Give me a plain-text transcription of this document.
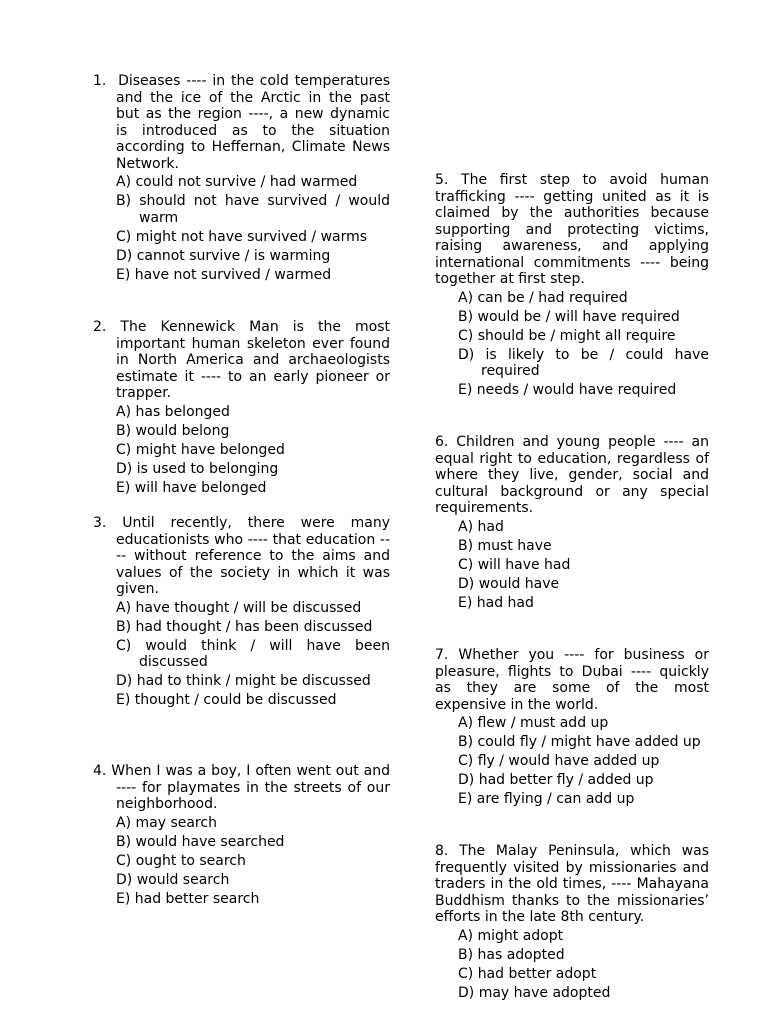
1. Diseases ---- in the cold temperatures and the ice of the Arctic in the past but as the region ----, a new dynamic is introduced as to the situation according to Heffernan, Climate News Network.

A) could not survive / had warmed
B) should not have survived / would warm
C) might not have survived / warms
D) cannot survive / is warming
E) have not survived / warmed

2. The Kennewick Man is the most important human skeleton ever found in North America and archaeologists estimate it ---- to an early pioneer or trapper.

A) has belonged
B) would belong
C) might have belonged
D) is used to belonging
E) will have belonged

3. Until recently, there were many educationists who ---- that education ---- without reference to the aims and values of the society in which it was given.

A) have thought / will be discussed
B) had thought / has been discussed
C) would think / will have been discussed
D) had to think / might be discussed
E) thought / could be discussed

4. When I was a boy, I often went out and ---- for playmates in the streets of our neighborhood.

A) may search
B) would have searched
C) ought to search
D) would search
E) had better search

5. The first step to avoid human trafficking ---- getting united as it is claimed by the authorities because supporting and protecting victims, raising awareness, and applying international commitments ---- being together at first step.

A) can be / had required
B) would be / will have required
C) should be / might all require
D) is likely to be / could have required
E) needs / would have required

6. Children and young people ---- an equal right to education, regardless of where they live, gender, social and cultural background or any special requirements.

A) had
B) must have
C) will have had
D) would have
E) had had

7. Whether you ---- for business or pleasure, flights to Dubai ---- quickly as they are some of the most expensive in the world.

A) flew / must add up
B) could fly / might have added up
C) fly / would have added up
D) had better fly / added up
E) are flying / can add up

8. The Malay Peninsula, which was frequently visited by missionaries and traders in the old times, ---- Mahayana Buddhism thanks to the missionaries’ efforts in the late 8th century.

A) might adopt
B) has adopted
C) had better adopt
D) may have adopted
